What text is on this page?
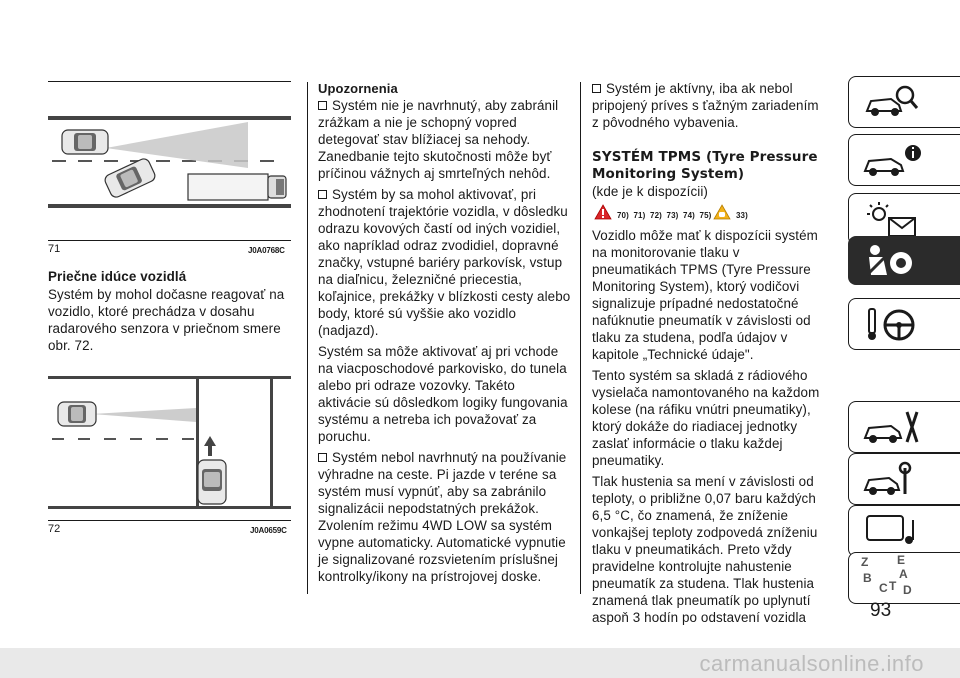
71	J0A0768C
Priečne idúce vozidlá

Systém by mohol dočasne reagovať na vozidlo, ktoré prechádza v dosahu radarového senzora v priečnom smere obr. 72.

72	J0A0659C
Upozornenia

Systém nie je navrhnutý, aby zabránil zrážkam a nie je schopný vopred detegovať stav blížiacej sa nehody. Zanedbanie tejto skutočnosti môže byť príčinou vážnych aj smrteľných nehôd.

Systém by sa mohol aktivovať, pri zhodnotení trajektórie vozidla, v dôsledku odrazu kovových častí od iných vozidiel, ako napríklad odraz zvodidiel, dopravné značky, vstupné bariéry parkovísk, vstup na diaľnicu, železničné priecestia, koľajnice, prekážky v blízkosti cesty alebo body, ktoré sú vyššie ako vozidlo (nadjazd).

Systém sa môže aktivovať aj pri vchode na viacposchodové parkovisko, do tunela alebo pri odraze vozovky. Takéto aktivácie sú dôsledkom logiky fungovania systému a netreba ich považovať za poruchu.

Systém nebol navrhnutý na používanie výhradne na ceste. Pi jazde v teréne sa systém musí vypnúť, aby sa zabránilo signalizácii nepodstatných prekážok. Zvolením režimu 4WD LOW sa systém vypne automaticky. Automatické vypnutie je signalizované rozsvietením príslušnej kontrolky/ikony na prístrojovej doske.

Systém je aktívny, iba ak nebol pripojený príves s ťažným zariadením z pôvodného vybavenia.

SYSTÉM TPMS (Tyre Pressure
Monitoring System)
(kde je k dispozícii)
70)  71)  72)  73)  74)  75)	33)

Vozidlo môže mať k dispozícii systém na monitorovanie tlaku v pneumatikách TPMS (Tyre Pressure Monitoring System), ktorý vodičovi signalizuje prípadné nedostatočné nafúknutie pneumatík v závislosti od tlaku za studena, podľa údajov v kapitole „Technické údaje".

Tento systém sa skladá z rádiového vysielača namontovaného na každom kolese (na ráfiku vnútri pneumatiky), ktorý dokáže do riadiacej jednotky zaslať informácie o tlaku každej pneumatiky.

Tlak hustenia sa mení v závislosti od teploty, o približne 0,07 baru každých 6,5 °C, čo znamená, že zníženie vonkajšej teploty zodpovedá zníženiu tlaku v pneumatikách. Preto vždy pravidelne kontrolujte nahustenie pneumatík za studena. Tlak hustenia znamená tlak pneumatík po uplynutí aspoň 3 hodín po odstavení vozidla

Z E
B A
C T D
93
carmanualsonline.info
